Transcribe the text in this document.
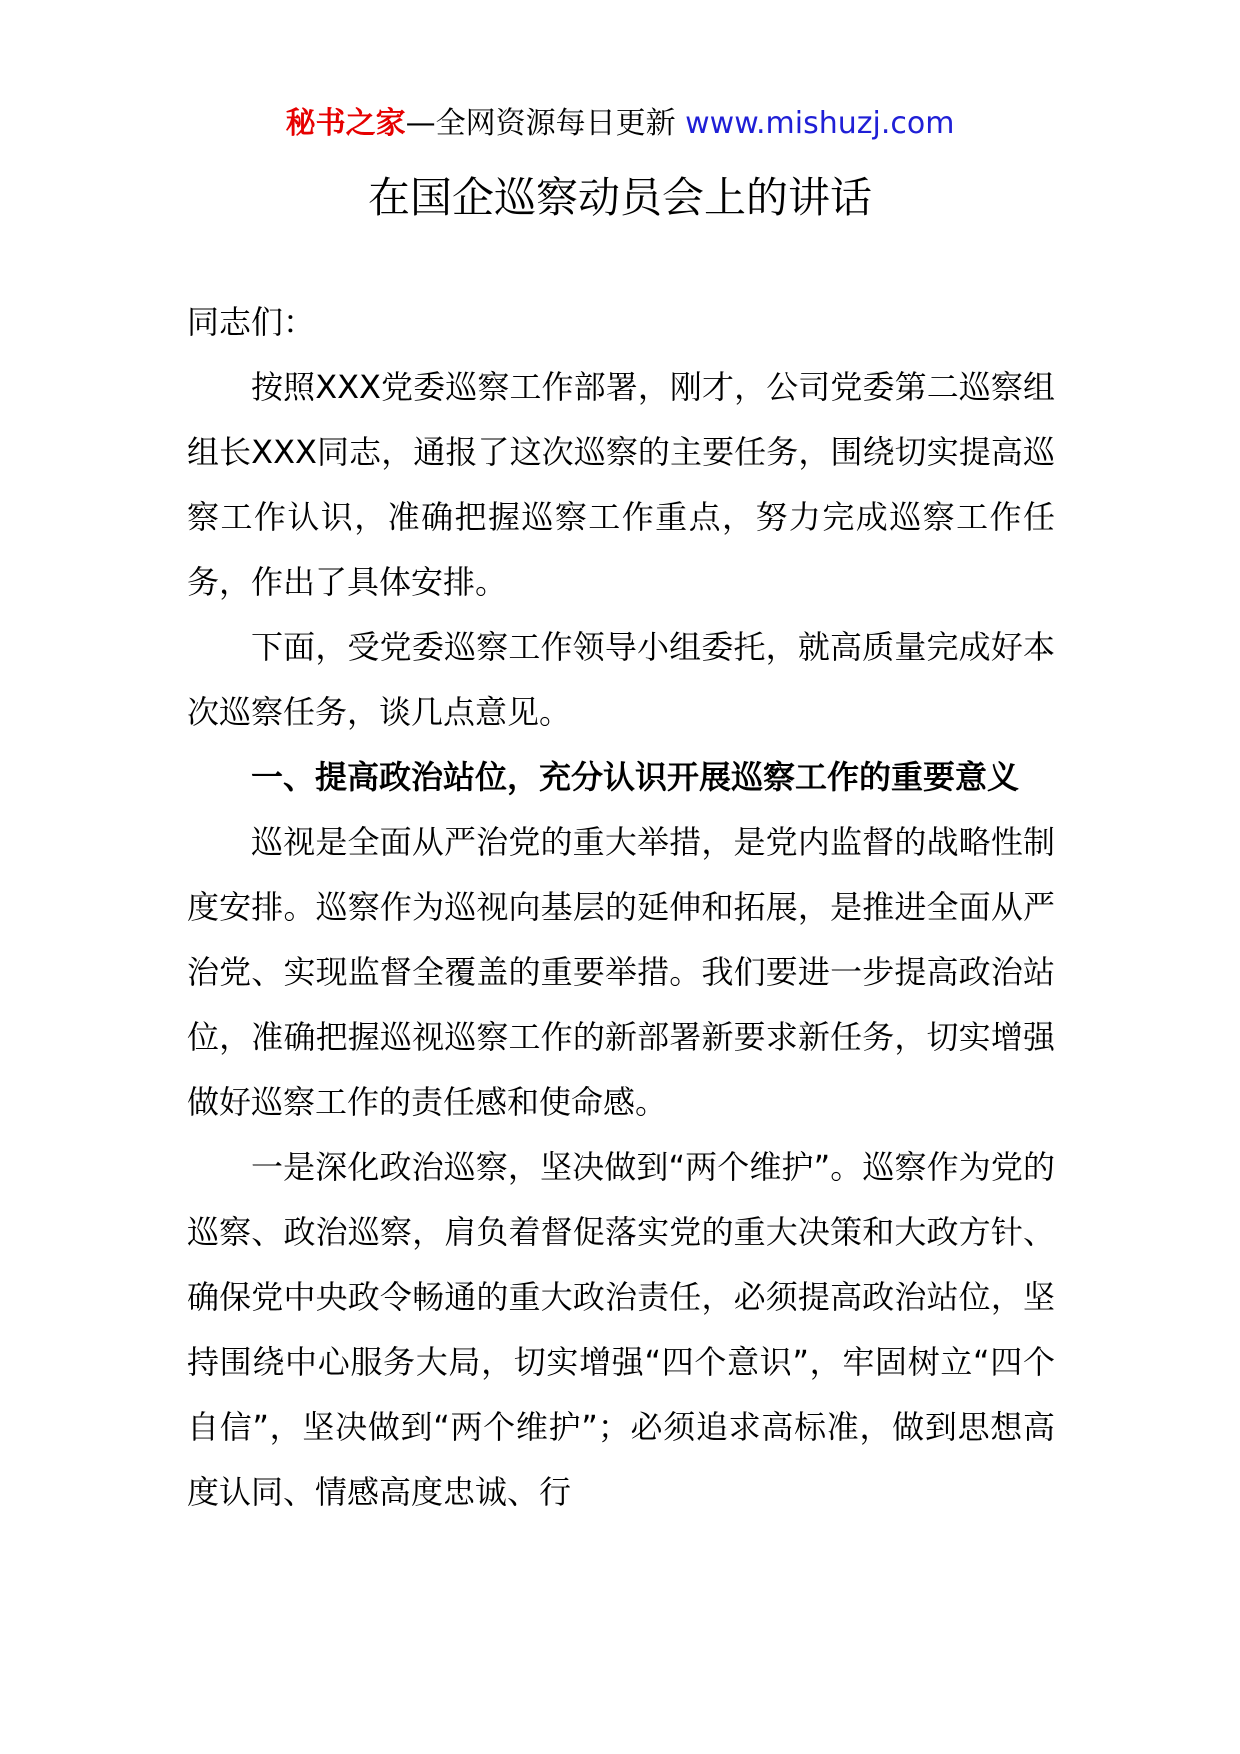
秘书之家—全网资源每日更新 www.mishuzj.com
在国企巡察动员会上的讲话

同志们：

按照XXX党委巡察工作部署，刚才，公司党委第二巡察组组长XXX同志，通报了这次巡察的主要任务，围绕切实提高巡察工作认识，准确把握巡察工作重点，努力完成巡察工作任务，作出了具体安排。

下面，受党委巡察工作领导小组委托，就高质量完成好本次巡察任务，谈几点意见。

一、提高政治站位，充分认识开展巡察工作的重要意义

巡视是全面从严治党的重大举措，是党内监督的战略性制度安排。巡察作为巡视向基层的延伸和拓展，是推进全面从严治党、实现监督全覆盖的重要举措。我们要进一步提高政治站位，准确把握巡视巡察工作的新部署新要求新任务，切实增强做好巡察工作的责任感和使命感。

一是深化政治巡察，坚决做到“两个维护”。巡察作为党的巡察、政治巡察，肩负着督促落实党的重大决策和大政方针、确保党中央政令畅通的重大政治责任，必须提高政治站位，坚持围绕中心服务大局，切实增强“四个意识”，牢固树立“四个自信”，坚决做到“两个维护”；必须追求高标准，做到思想高度认同、情感高度忠诚、行
